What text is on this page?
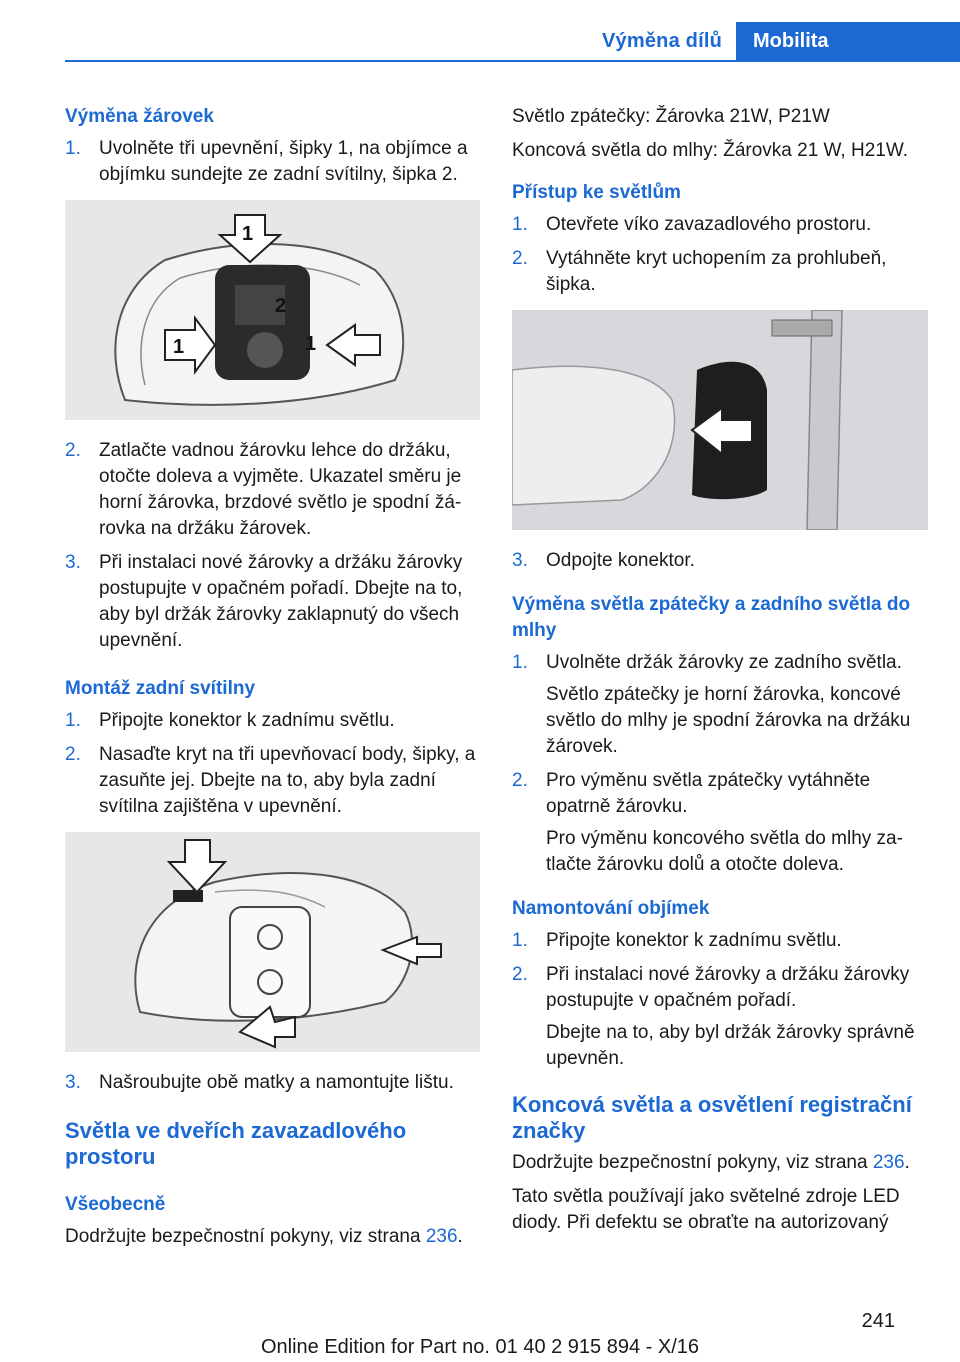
Výměna dílů	Mobilita
Výměna žárovek
1. Uvolněte tři upevnění, šipky 1, na objímce a objímku sundejte ze zadní svítilny, šipka 2.
1
2
1	1
2. Zatlačte vadnou žárovku lehce do držáku, otočte doleva a vyjměte. Ukazatel směru je horní žárovka, brzdové světlo je spodní žárovka na držáku žárovek.
3. Při instalaci nové žárovky a držáku žárovky postupujte v opačném pořadí. Dbejte na to, aby byl držák žárovky zaklapnutý do všech upevnění.
Montáž zadní svítilny
1. Připojte konektor k zadnímu světlu.
2. Nasaďte kryt na tři upevňovací body, šipky, a zasuňte jej. Dbejte na to, aby byla zadní svítilna zajištěna v upevnění.
3. Našroubujte obě matky a namontujte lištu.
Světla ve dveřích zavazadlového prostoru
Všeobecně
Dodržujte bezpečnostní pokyny, viz strana 236.
Světlo zpátečky: Žárovka 21W, P21W
Koncová světla do mlhy: Žárovka 21 W, H21W.
Přístup ke světlům
1. Otevřete víko zavazadlového prostoru.
2. Vytáhněte kryt uchopením za prohlubeň, šipka.
3. Odpojte konektor.
Výměna světla zpátečky a zadního světla do mlhy
1. Uvolněte držák žárovky ze zadního světla.
Světlo zpátečky je horní žárovka, koncové světlo do mlhy je spodní žárovka na držáku žárovek.
2. Pro výměnu světla zpátečky vytáhněte opatrně žárovku.
Pro výměnu koncového světla do mlhy zatlačte žárovku dolů a otočte doleva.
Namontování objímek
1. Připojte konektor k zadnímu světlu.
2. Při instalaci nové žárovky a držáku žárovky postupujte v opačném pořadí.
Dbejte na to, aby byl držák žárovky správně upevněn.
Koncová světla a osvětlení registrační značky
Dodržujte bezpečnostní pokyny, viz strana 236.
Tato světla používají jako světelné zdroje LED diody. Při defektu se obraťte na autorizovaný
241
Online Edition for Part no. 01 40 2 915 894 - X/16
